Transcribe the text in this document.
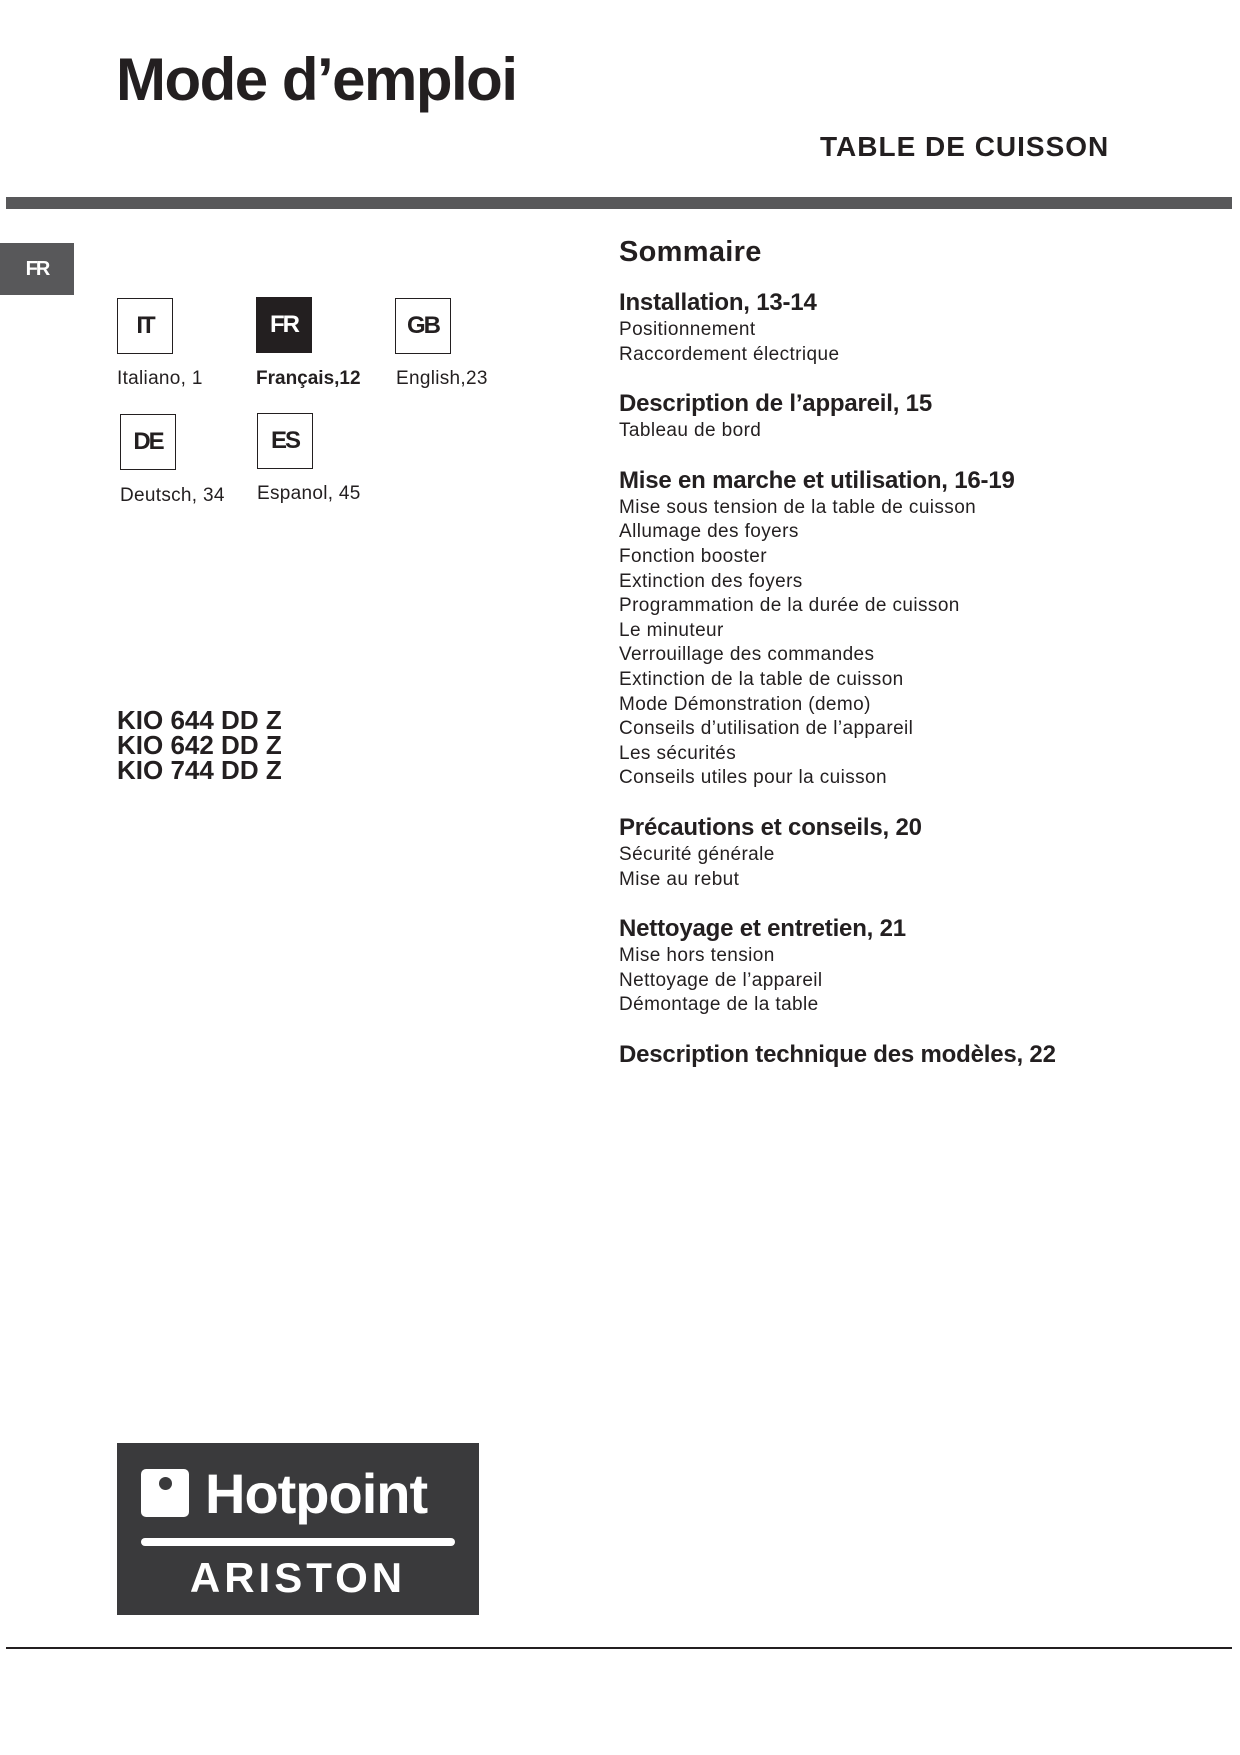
Mode d’emploi
TABLE DE CUISSON
FR
IT
Italiano, 1
FR
Français,12
GB
English,23
DE
Deutsch, 34
ES
Espanol, 45
KIO 644 DD Z
KIO 642 DD Z
KIO 744 DD Z
Sommaire
Installation, 13-14
Positionnement
Raccordement électrique
Description de l’appareil, 15
Tableau de bord
Mise en marche et utilisation, 16-19
Mise sous tension de la table de cuisson
Allumage des foyers
Fonction booster
Extinction des foyers
Programmation de la durée de cuisson
Le minuteur
Verrouillage des commandes
Extinction de la table de cuisson
Mode Démonstration (demo)
Conseils d’utilisation de l’appareil
Les sécurités
Conseils utiles pour la cuisson
Précautions et conseils, 20
Sécurité générale
Mise au rebut
Nettoyage et entretien, 21
Mise hors tension
Nettoyage de l’appareil
Démontage de la table
Description technique des modèles, 22
Hotpoint
ARISTON
